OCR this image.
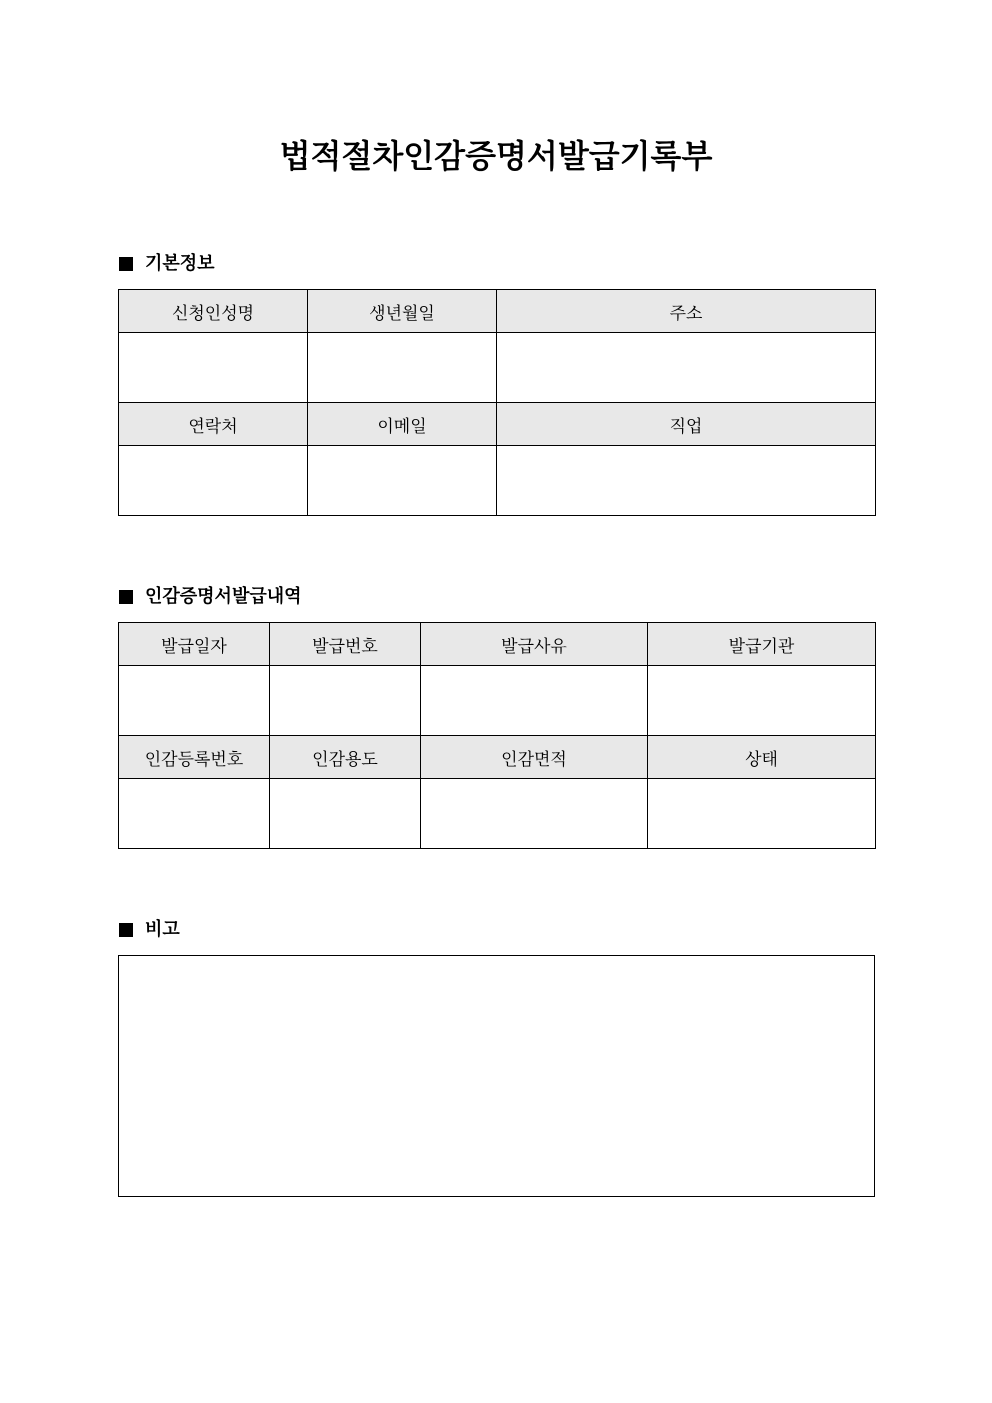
법적절차인감증명서발급기록부
기본정보
신청인성명	생년월일	주소

연락처	이메일	직업

인감증명서발급내역
발급일자	발급번호	발급사유	발급기관

인감등록번호	인감용도	인감면적	상태

비고
